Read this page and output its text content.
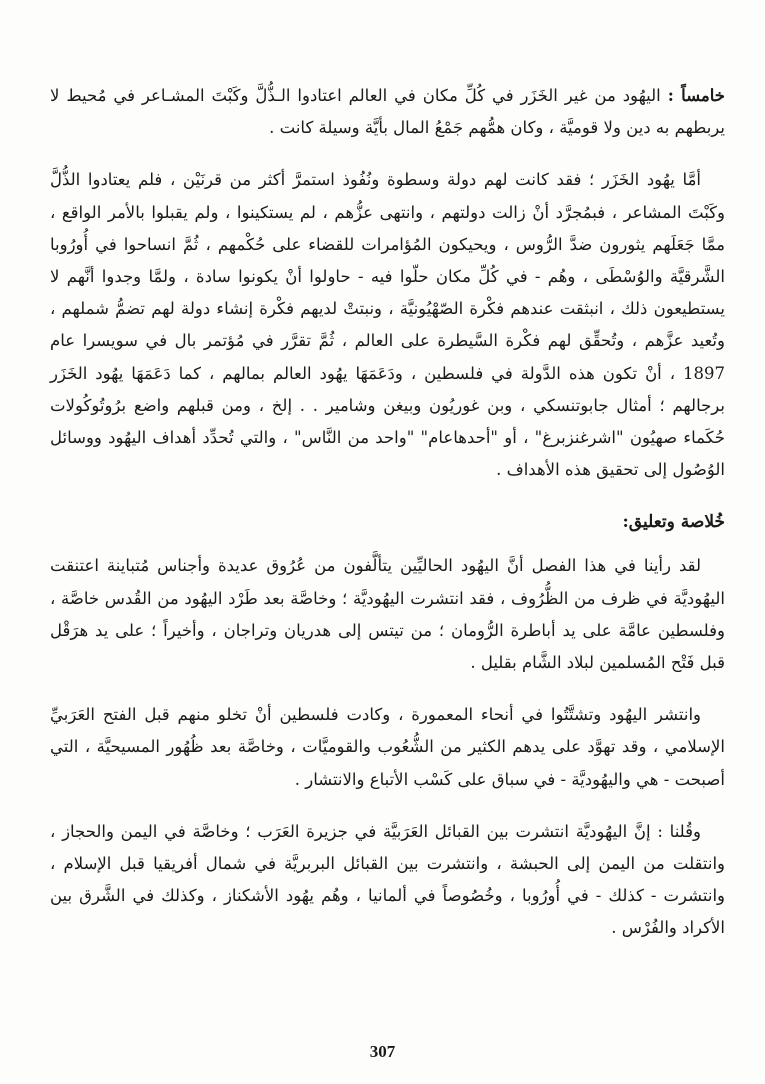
خامساً : اليهُود من غير الخَزَر في كُلِّ مكان في العالم اعتادوا الـذُّلَّ وكَبْتَ المشـاعر في مُحيط لا يربطهم به دين ولا قوميَّة ، وكان همُّهم جَمْعُ المال بأيَّة وسيلة كانت .

أمَّا يهُود الخَزَر ؛ فقد كانت لهم دولة وسطوة ونُفُوذ استمرَّ أكثر من قرنَيْن ، فلم يعتادوا الذُّلَّ وكَبْتَ المشاعر ، فبمُجرَّد أنْ زالت دولتهم ، وانتهى عزُّهم ، لم يستكينوا ، ولم يقبلوا بالأمر الواقع ، ممَّا جَعَلَهم يثورون ضدَّ الرُّوس ، ويحيكون المُؤامرات للقضاء على حُكْمهم ، ثُمَّ انساحوا في أُورُوبا الشَّرقيَّة والوُسْطَى ، وهُم - في كُلِّ مكان حلّوا فيه - حاولوا أنْ يكونوا سادة ، ولمَّا وجدوا أنَّهم لا يستطيعون ذلك ، انبثقت عندهم فكْرة الصّهْيُونيَّة ، ونبتتْ لديهم فكْرة إنشاء دولة لهم تضمُّ شملهم ، وتُعيد عزَّهم ، وتُحقِّق لهم فكْرة السَّيطرة على العالم ، ثُمَّ تقرَّر في مُؤتمر بال في سويسرا عام 1897 ، أنْ تكون هذه الدَّولة في فلسطين ، ودَعَمَهَا يهُود العالم بمالهم ، كما دَعَمَهَا يهُود الخَزَر برجالهم ؛ أمثال جابوتنسكي ، وبن غوريُون وبيغن وشامير . . إلخ ، ومن قبلهم واضع برُوتُوكُولات حُكَماء صهيُون "اشرغنزبرغ" ، أو "أحدهاعام" "واحد من النَّاس" ، والتي تُحدِّد أهداف اليهُود ووسائل الوُصُول إلى تحقيق هذه الأهداف .

خُلاصة وتعليق:

لقد رأينا في هذا الفصل أنَّ اليهُود الحاليِّين يتألَّفون من عُرُوق عديدة وأجناس مُتباينة اعتنقت اليهُوديَّة في ظرف من الظُّرُوف ، فقد انتشرت اليهُوديَّة ؛ وخاصَّة بعد طَرْد اليهُود من القُدس خاصَّة ، وفلسطين عامَّة على يد أباطرة الرُّومان ؛ من تيتس إلى هدريان وتراجان ، وأخيراً ؛ على يد هرَقْل قبل فَتْح المُسلمين لبلاد الشَّام بقليل .

وانتشر اليهُود وتشتَّتُوا في أنحاء المعمورة ، وكادت فلسطين أنْ تخلو منهم قبل الفتح العَرَبيِّ الإسلامي ، وقد تهوَّد على يدهم الكثير من الشُّعُوب والقوميَّات ، وخاصَّة بعد ظُهُور المسيحيَّة ، التي أصبحت - هي واليهُوديَّة - في سباق على كَسْب الأتباع والانتشار .

وقُلنا : إنَّ اليهُوديَّة انتشرت بين القبائل العَرَبيَّة في جزيرة العَرَب ؛ وخاصَّة في اليمن والحجاز ، وانتقلت من اليمن إلى الحبشة ، وانتشرت بين القبائل البربريَّة في شمال أفريقيا قبل الإسلام ، وانتشرت - كذلك - في أُورُوبا ، وخُصُوصاً في ألمانيا ، وهُم يهُود الأشكناز ، وكذلك في الشَّرق بين الأكراد والفُرْس .

307
